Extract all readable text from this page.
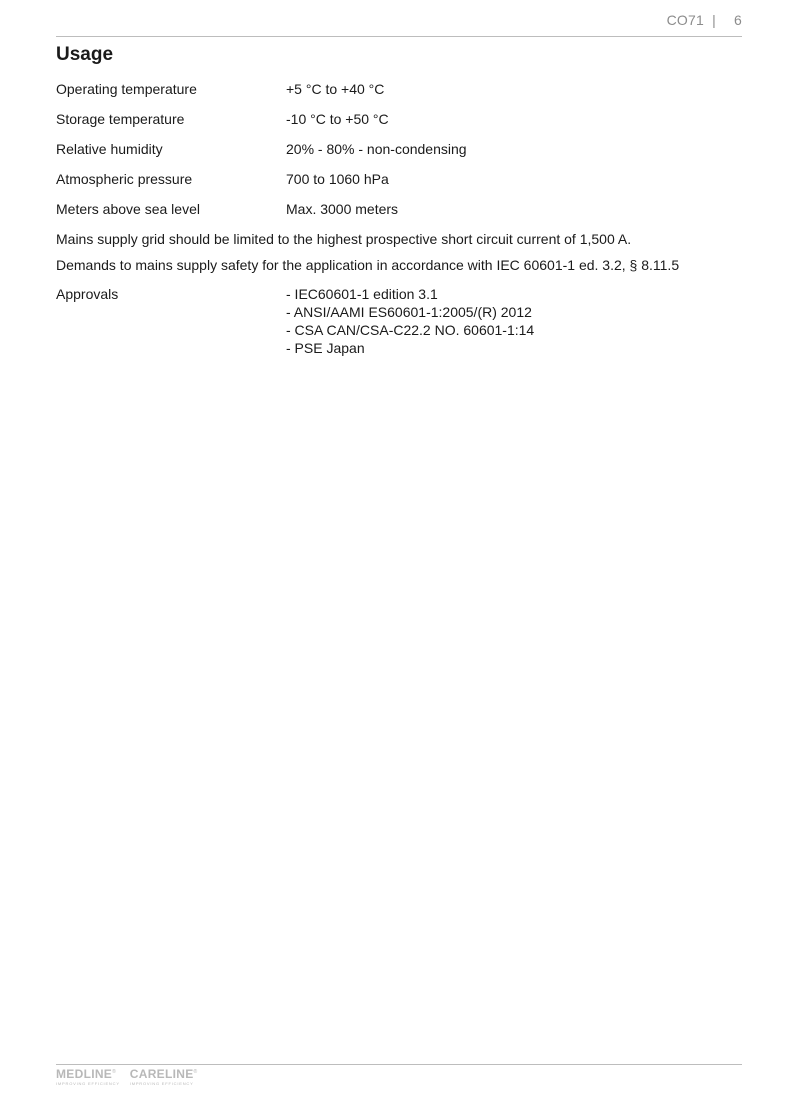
CO71 | 6
Usage
Operating temperature	+5 °C to +40 °C
Storage temperature	-10 °C to +50 °C
Relative humidity	20% - 80% - non-condensing
Atmospheric pressure	700 to 1060 hPa
Meters above sea level	Max. 3000 meters
Mains supply grid should be limited to the highest prospective short circuit current of 1,500 A.
Demands to mains supply safety for the application in accordance with IEC 60601-1 ed. 3.2, § 8.11.5
Approvals	- IEC60601-1 edition 3.1
- ANSI/AAMI ES60601-1:2005/(R) 2012
- CSA CAN/CSA-C22.2 NO. 60601-1:14
- PSE Japan
MEDLINE®
IMPROVING EFFICIENCY
CARELINE®
IMPROVING EFFICIENCY
